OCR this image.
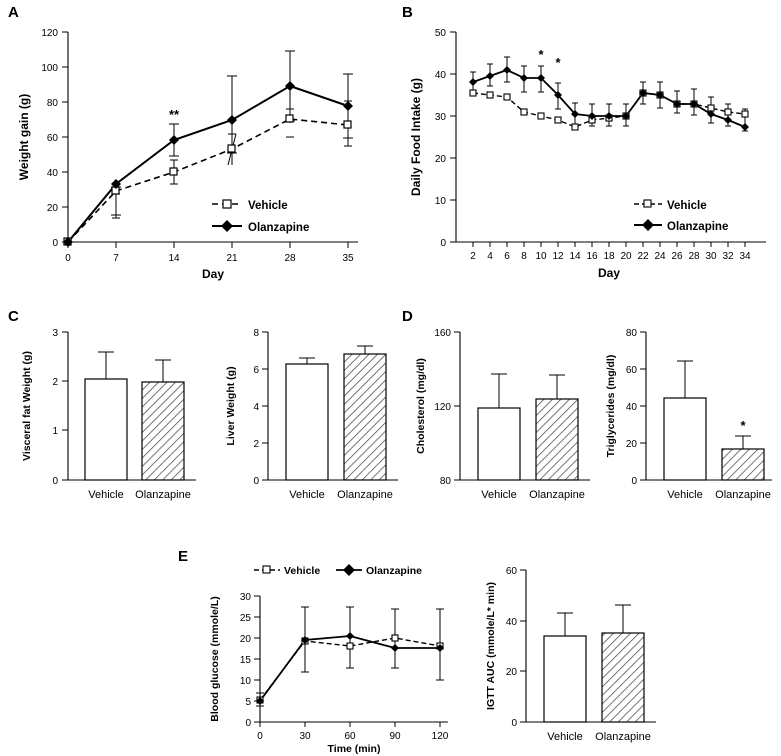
A
0
20
40
60
80
100
120
0	7	14	21	28	35
**
Day
Weight gain (g)
Vehicle
Olanzapine
B
0
10
20
30
40
50
2 4 6 8 10 12 14 16 18 20 22 24 26 28 30 32 34
*
*
Day
Daily Food Intake (g)
Vehicle
Olanzapine
C
0
1
2
3
Vehicle Olanzapine
Visceral fat Weight (g)
0
2
4
6
8
Vehicle Olanzapine
Liver Weight (g)
D
80
120
160
Vehicle Olanzapine
Cholesterol (mg/dl)
0
20
40
60
80
*
Vehicle Olanzapine
Triglycerides (mg/dl)
E
0
5
10
15
20
25
30
0	30	60	90	120
Time (min)
Blood glucose (mmole/L)
Vehicle	Olanzapine
0
20
40
60
Vehicle Olanzapine
IGTT AUC (mmole/L* min)
